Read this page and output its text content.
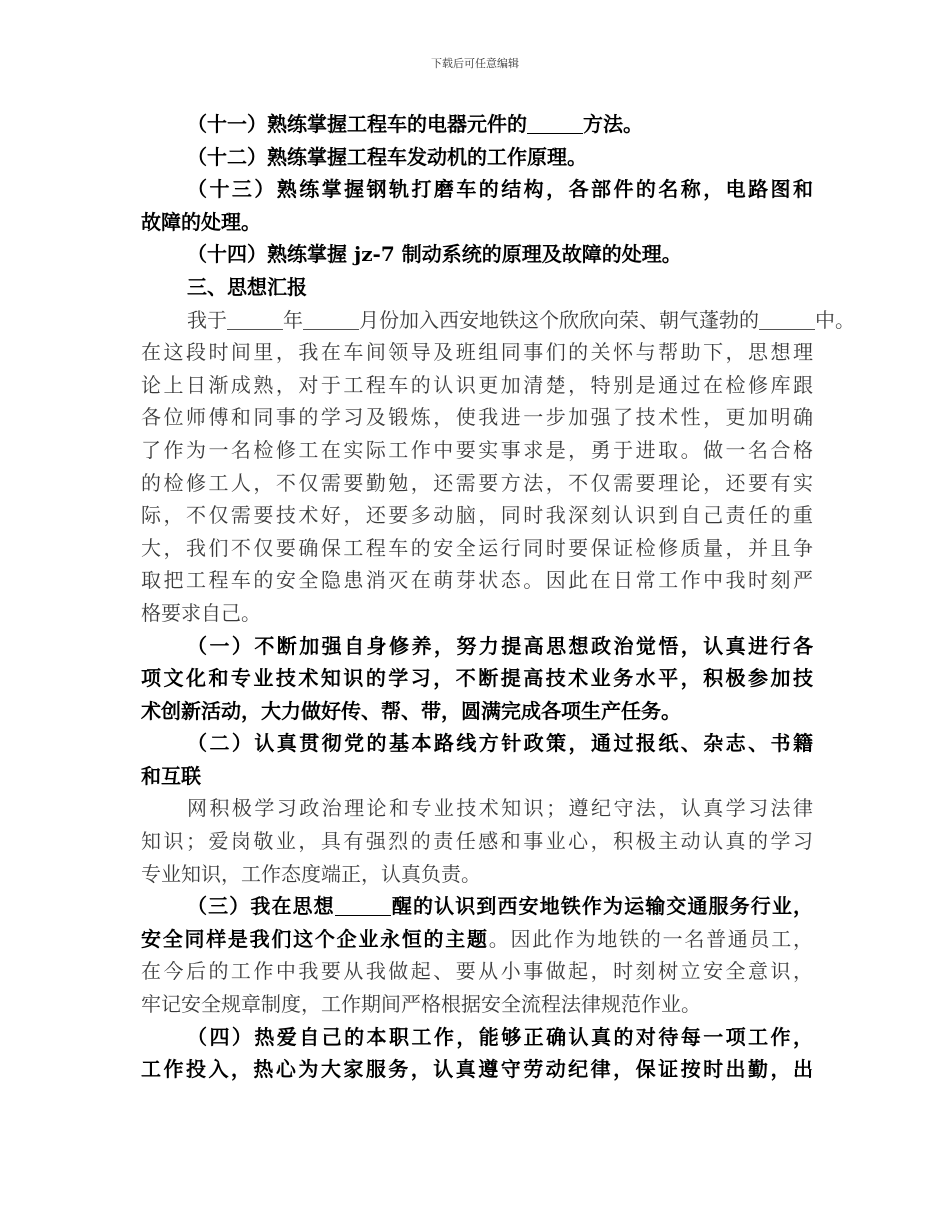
下载后可任意编辑
（十一）熟练掌握工程车的电器元件的	方法。
（十二）熟练掌握工程车发动机的工作原理。
（十三）熟练掌握钢轨打磨车的结构，各部件的名称，电路图和
故障的处理。
（十四）熟练掌握 jz-7 制动系统的原理及故障的处理。
三、思想汇报
我于	年	月份加入西安地铁这个欣欣向荣、朝气蓬勃的	中。
在这段时间里，我在车间领导及班组同事们的关怀与帮助下，思想理
论上日渐成熟，对于工程车的认识更加清楚，特别是通过在检修库跟
各位师傅和同事的学习及锻炼，使我进一步加强了技术性，更加明确
了作为一名检修工在实际工作中要实事求是，勇于进取。做一名合格
的检修工人，不仅需要勤勉，还需要方法，不仅需要理论，还要有实
际，不仅需要技术好，还要多动脑，同时我深刻认识到自己责任的重
大，我们不仅要确保工程车的安全运行同时要保证检修质量，并且争
取把工程车的安全隐患消灭在萌芽状态。因此在日常工作中我时刻严
格要求自己。
（一）不断加强自身修养，努力提高思想政治觉悟，认真进行各
项文化和专业技术知识的学习，不断提高技术业务水平，积极参加技
术创新活动，大力做好传、帮、带，圆满完成各项生产任务。
（二）认真贯彻党的基本路线方针政策，通过报纸、杂志、书籍
和互联
网积极学习政治理论和专业技术知识；遵纪守法，认真学习法律
知识；爱岗敬业，具有强烈的责任感和事业心，积极主动认真的学习
专业知识，工作态度端正，认真负责。
（三）我在思想	醒的认识到西安地铁作为运输交通服务行业，
安全同样是我们这个企业永恒的主题。因此作为地铁的一名普通员工，
在今后的工作中我要从我做起、要从小事做起，时刻树立安全意识，
牢记安全规章制度，工作期间严格根据安全流程法律规范作业。
（四）热爱自己的本职工作，能够正确认真的对待每一项工作，
工作投入，热心为大家服务，认真遵守劳动纪律，保证按时出勤，出
